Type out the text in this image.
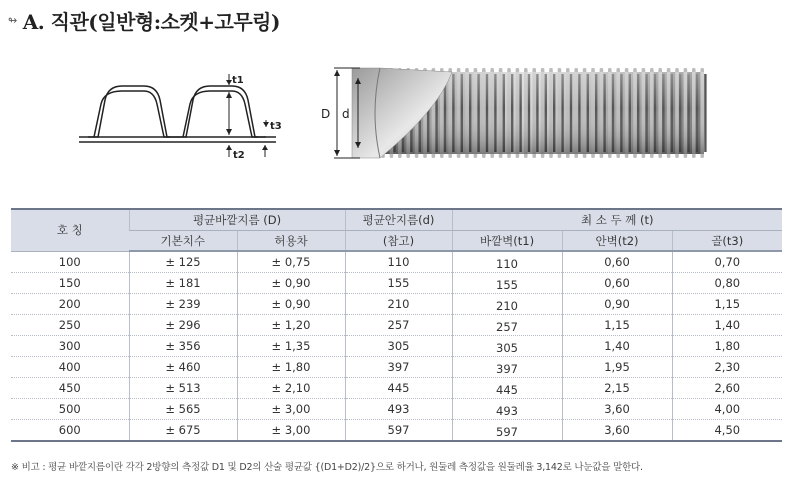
↬ A. 직관(일반형:소켓+고무링)
t1
t3
t2
D d
호 칭	평균바깥지름 (D)		평균안지름(d)	최 소 두 께 (t)		
	기본치수	허용차	(참고)	바깥벽(t1)	안벽(t2)	골(t3)
100	± 125	± 0,75	110	110	0,60	0,70
150	± 181	± 0,90	155	155	0,60	0,80
200	± 239	± 0,90	210	210	0,90	1,15
250	± 296	± 1,20	257	257	1,15	1,40
300	± 356	± 1,35	305	305	1,40	1,80
400	± 460	± 1,80	397	397	1,95	2,30
450	± 513	± 2,10	445	445	2,15	2,60
500	± 565	± 3,00	493	493	3,60	4,00
600	± 675	± 3,00	597	597	3,60	4,50
※ 비고 : 평균 바깥지름이란 각각 2방향의 측정값 D1 및 D2의 산술 평균값 {(D1+D2)/2}으로 하거나, 원둘레 측정값을 원둘레율 3,142로 나눈값을 말한다.
